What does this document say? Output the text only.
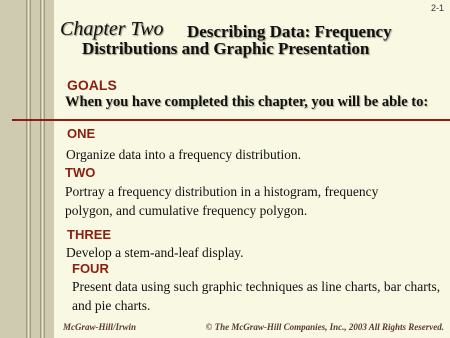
2-1
Chapter Two Describing Data: Frequency
Distributions and Graphic Presentation
GOALS
When you have completed this chapter, you will be able to:
ONE
Organize data into a frequency distribution.
TWO
Portray a frequency distribution in a histogram, frequency polygon, and cumulative frequency polygon.
THREE
Develop a stem-and-leaf display.
FOUR
Present data using such graphic techniques as line charts, bar charts, and pie charts.
McGraw-Hill/Irwin	© The McGraw-Hill Companies, Inc., 2003 All Rights Reserved.
